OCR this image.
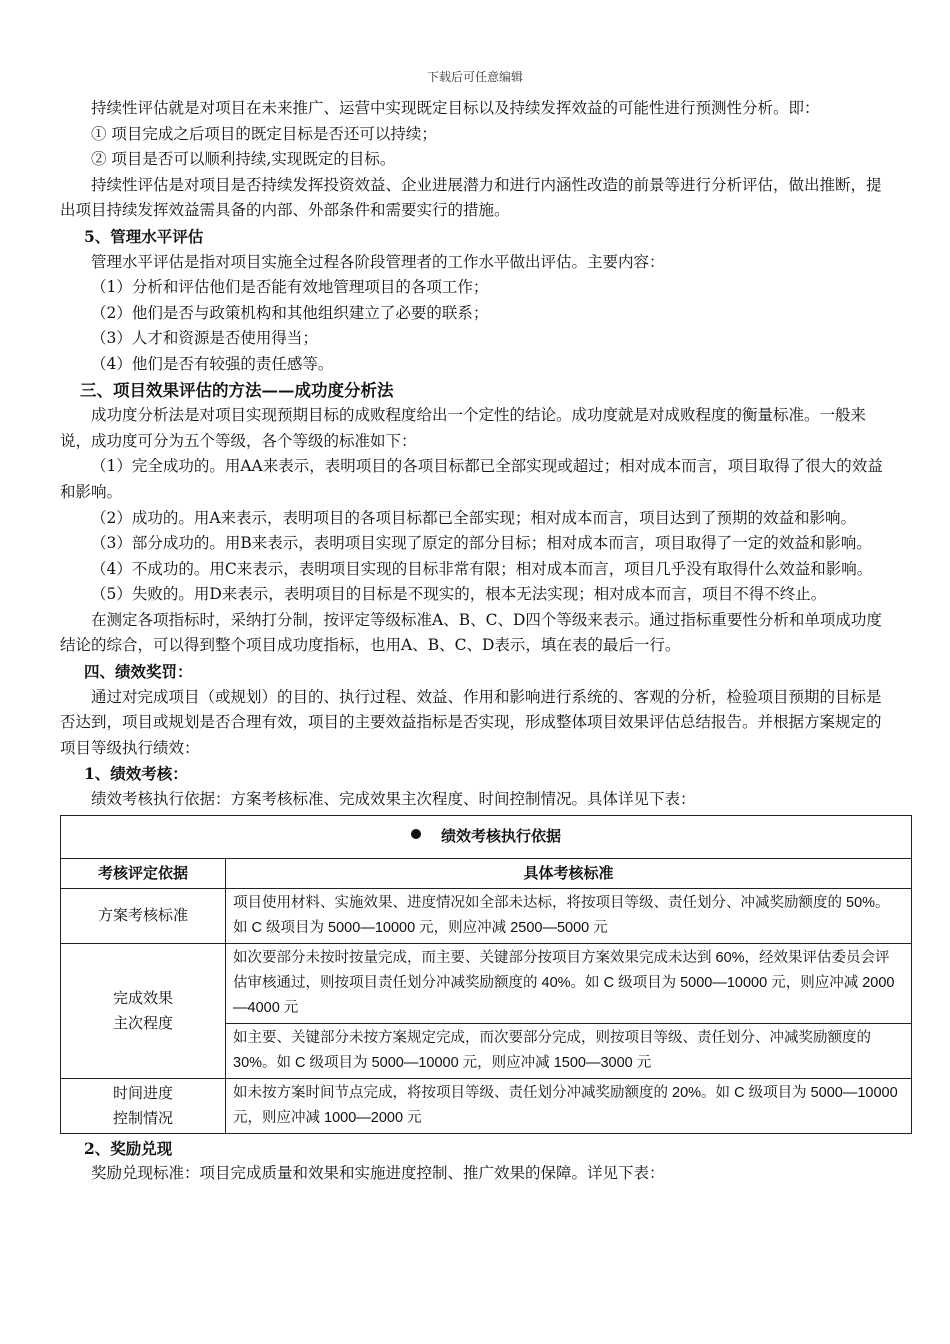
下载后可任意编辑

持续性评估就是对项目在未来推广、运营中实现既定目标以及持续发挥效益的可能性进行预测性分析。即：

① 项目完成之后项目的既定目标是否还可以持续；

② 项目是否可以顺利持续,实现既定的目标。

持续性评估是对项目是否持续发挥投资效益、企业进展潜力和进行内涵性改造的前景等进行分析评估，做出推断，提出项目持续发挥效益需具备的内部、外部条件和需要实行的措施。

5、管理水平评估

管理水平评估是指对项目实施全过程各阶段管理者的工作水平做出评估。主要内容：

（1）分析和评估他们是否能有效地管理项目的各项工作；

（2）他们是否与政策机构和其他组织建立了必要的联系；

（3）人才和资源是否使用得当；

（4）他们是否有较强的责任感等。

三、项目效果评估的方法——成功度分析法

成功度分析法是对项目实现预期目标的成败程度给出一个定性的结论。成功度就是对成败程度的衡量标准。一般来说，成功度可分为五个等级，各个等级的标准如下：

（1）完全成功的。用AA来表示，表明项目的各项目标都已全部实现或超过；相对成本而言，项目取得了很大的效益和影响。

（2）成功的。用A来表示，表明项目的各项目标都已全部实现；相对成本而言，项目达到了预期的效益和影响。

（3）部分成功的。用B来表示，表明项目实现了原定的部分目标；相对成本而言，项目取得了一定的效益和影响。

（4）不成功的。用C来表示，表明项目实现的目标非常有限；相对成本而言，项目几乎没有取得什么效益和影响。

（5）失败的。用D来表示，表明项目的目标是不现实的，根本无法实现；相对成本而言，项目不得不终止。

在测定各项指标时，采纳打分制，按评定等级标准A、B、C、D四个等级来表示。通过指标重要性分析和单项成功度结论的综合，可以得到整个项目成功度指标，也用A、B、C、D表示，填在表的最后一行。

四、绩效奖罚：

通过对完成项目（或规划）的目的、执行过程、效益、作用和影响进行系统的、客观的分析，检验项目预期的目标是否达到，项目或规划是否合理有效，项目的主要效益指标是否实现，形成整体项目效果评估总结报告。并根据方案规定的项目等级执行绩效：

1、绩效考核：

绩效考核执行依据：方案考核标准、完成效果主次程度、时间控制情况。具体详见下表：

绩效考核执行依据	
考核评定依据	具体考核标准
方案考核标准	项目使用材料、实施效果、进度情况如全部未达标，将按项目等级、责任划分、冲减奖励额度的 50%。如 C 级项目为 5000—10000 元，则应冲减 2500—5000 元

完成效果
主次程度	如次要部分未按时按量完成，而主要、关键部分按项目方案效果完成未达到 60%，经效果评估委员会评估审核通过，则按项目责任划分冲减奖励额度的 40%。如 C 级项目为 5000—10000 元，则应冲减 2000—4000 元
	如主要、关键部分未按方案规定完成，而次要部分完成，则按项目等级、责任划分、冲减奖励额度的 30%。如 C 级项目为 5000—10000 元，则应冲减 1500—3000 元

时间进度
控制情况	如未按方案时间节点完成，将按项目等级、责任划分冲减奖励额度的 20%。如 C 级项目为 5000—10000 元，则应冲减 1000—2000 元

2、奖励兑现

奖励兑现标准：项目完成质量和效果和实施进度控制、推广效果的保障。详见下表：
